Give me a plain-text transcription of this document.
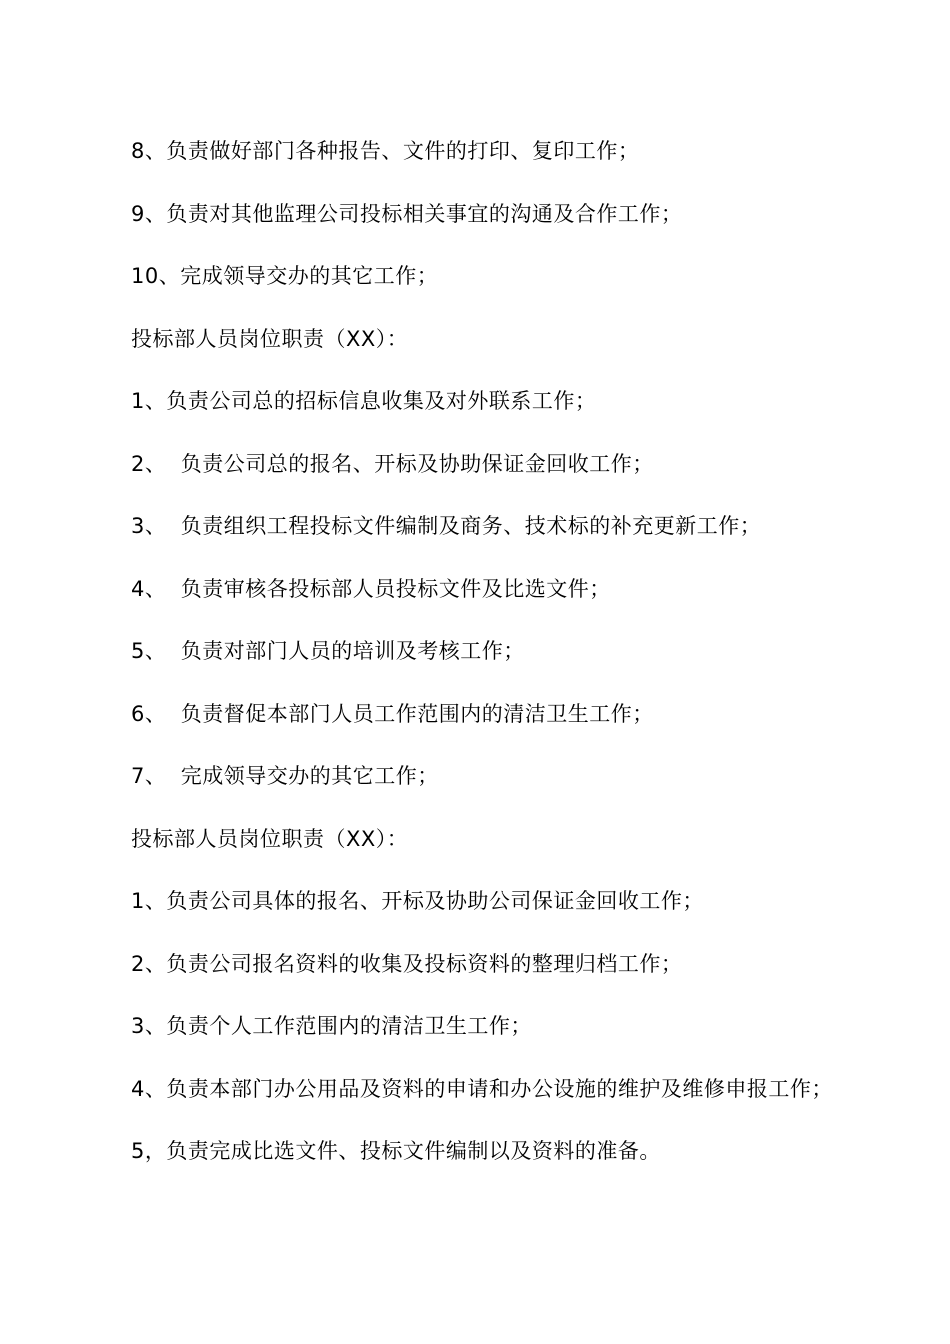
8、负责做好部门各种报告、文件的打印、复印工作；
9、负责对其他监理公司投标相关事宜的沟通及合作工作；
10、完成领导交办的其它工作；
投标部人员岗位职责（XX）：
1、负责公司总的招标信息收集及对外联系工作；
2、  负责公司总的报名、开标及协助保证金回收工作；
3、  负责组织工程投标文件编制及商务、技术标的补充更新工作；
4、  负责审核各投标部人员投标文件及比选文件；
5、  负责对部门人员的培训及考核工作；
6、  负责督促本部门人员工作范围内的清洁卫生工作；
7、  完成领导交办的其它工作；
投标部人员岗位职责（XX）：
1、负责公司具体的报名、开标及协助公司保证金回收工作；
2、负责公司报名资料的收集及投标资料的整理归档工作；
3、负责个人工作范围内的清洁卫生工作；
4、负责本部门办公用品及资料的申请和办公设施的维护及维修申报工作；
5，负责完成比选文件、投标文件编制以及资料的准备。
